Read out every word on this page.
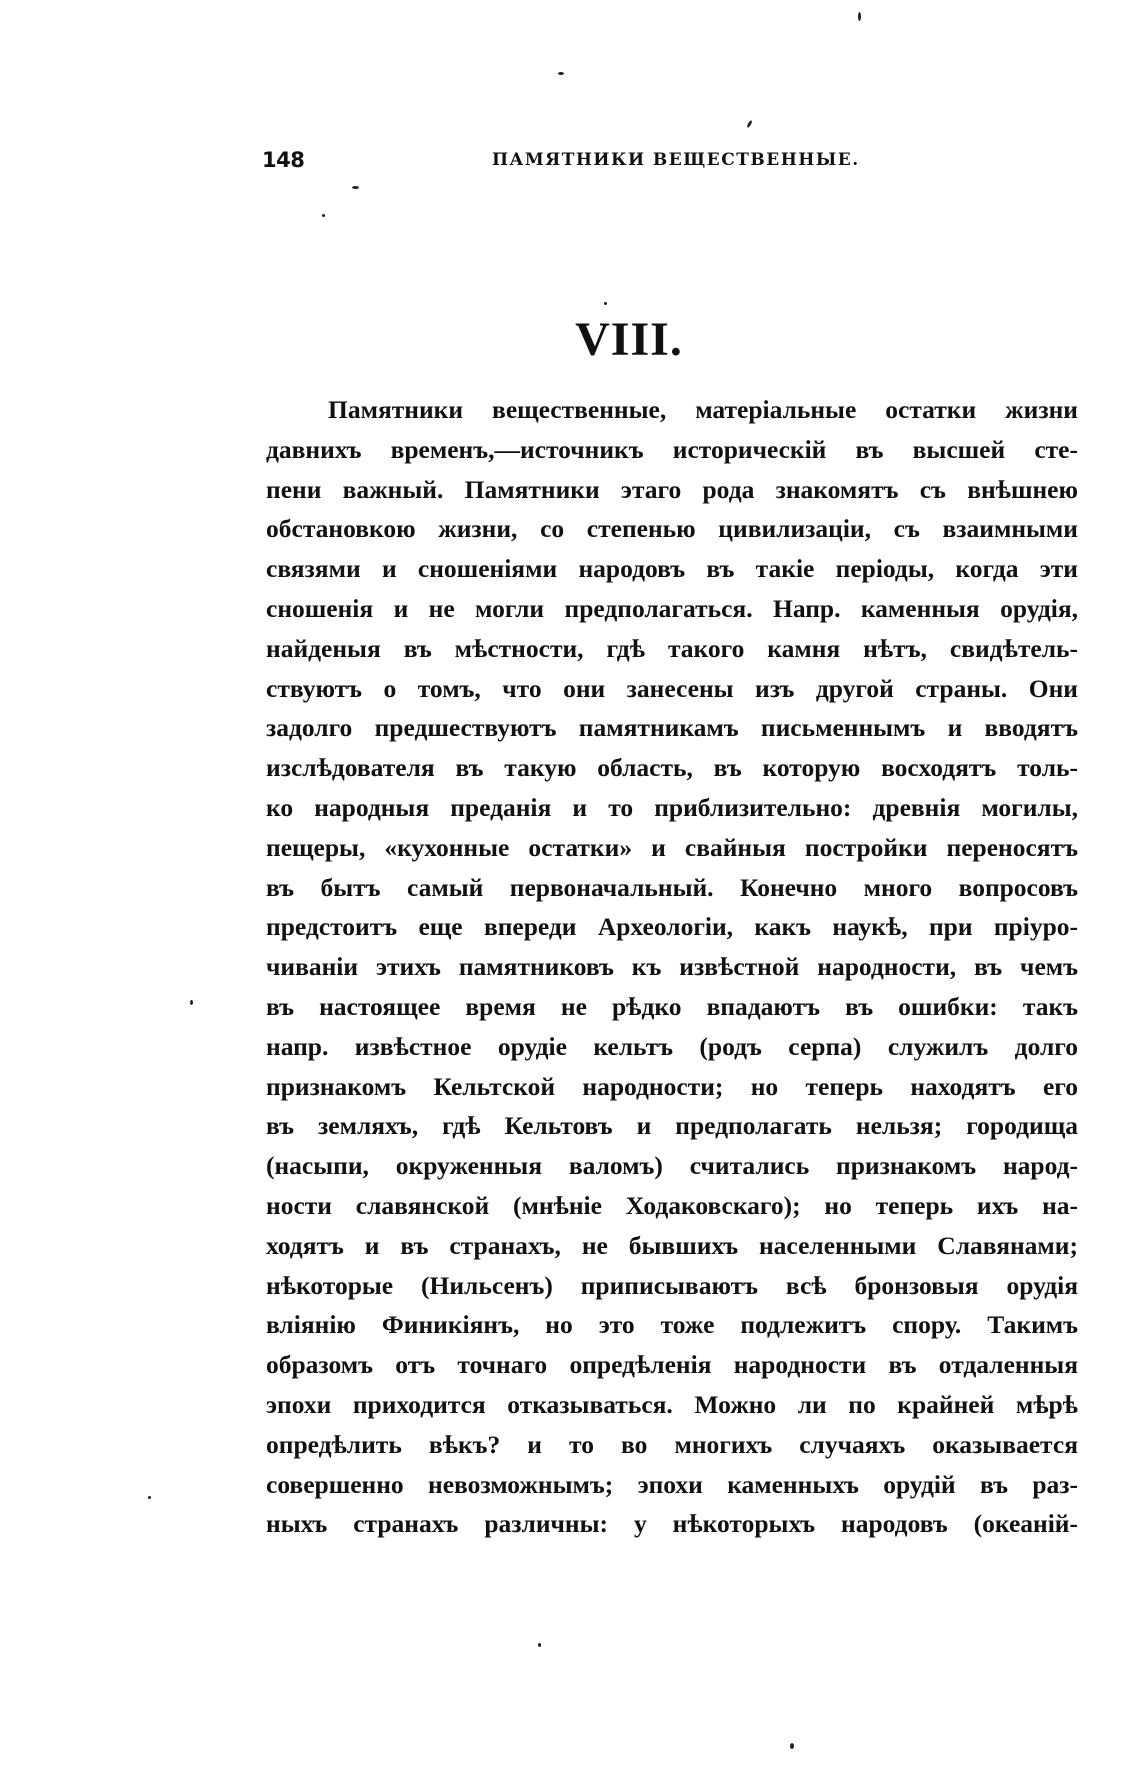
148	ПАМЯТНИКИ ВЕЩЕСТВЕННЫЕ.
VIII.
Памятники вещественные, матеріальные остатки жизни
давнихъ временъ,—источникъ историческій въ высшей сте-
пени важный. Памятники этаго рода знакомятъ съ внѣшнею
обстановкою жизни, со степенью цивилизаціи, съ взаимными
связями и сношеніями народовъ въ такіе періоды, когда эти
сношенія и не могли предполагаться. Напр. каменныя орудія,
найденыя въ мѣстности, гдѣ такого камня нѣтъ, свидѣтель-
ствуютъ о томъ, что они занесены изъ другой страны. Они
задолго предшествуютъ памятникамъ письменнымъ и вводятъ
изслѣдователя въ такую область, въ которую восходятъ толь-
ко народныя преданія и то приблизительно: древнія могилы,
пещеры, «кухонные остатки» и свайныя постройки переносятъ
въ бытъ самый первоначальный. Конечно много вопросовъ
предстоитъ еще впереди Археологіи, какъ наукѣ, при пріуро-
чиваніи этихъ памятниковъ къ извѣстной народности, въ чемъ
въ настоящее время не рѣдко впадаютъ въ ошибки: такъ
напр. извѣстное орудіе кельтъ (родъ серпа) служилъ долго
признакомъ Кельтской народности; но теперь находятъ его
въ земляхъ, гдѣ Кельтовъ и предполагать нельзя; городища
(насыпи, окруженныя валомъ) считались признакомъ народ-
ности славянской (мнѣніе Ходаковскаго); но теперь ихъ на-
ходятъ и въ странахъ, не бывшихъ населенными Славянами;
нѣкоторые (Нильсенъ) приписываютъ всѣ бронзовыя орудія
вліянію Финикіянъ, но это тоже подлежитъ спору. Такимъ
образомъ отъ точнаго опредѣленія народности въ отдаленныя
эпохи приходится отказываться. Можно ли по крайней мѣрѣ
опредѣлить вѣкъ? и то во многихъ случаяхъ оказывается
совершенно невозможнымъ; эпохи каменныхъ орудій въ раз-
ныхъ странахъ различны: у нѣкоторыхъ народовъ (океаній-
